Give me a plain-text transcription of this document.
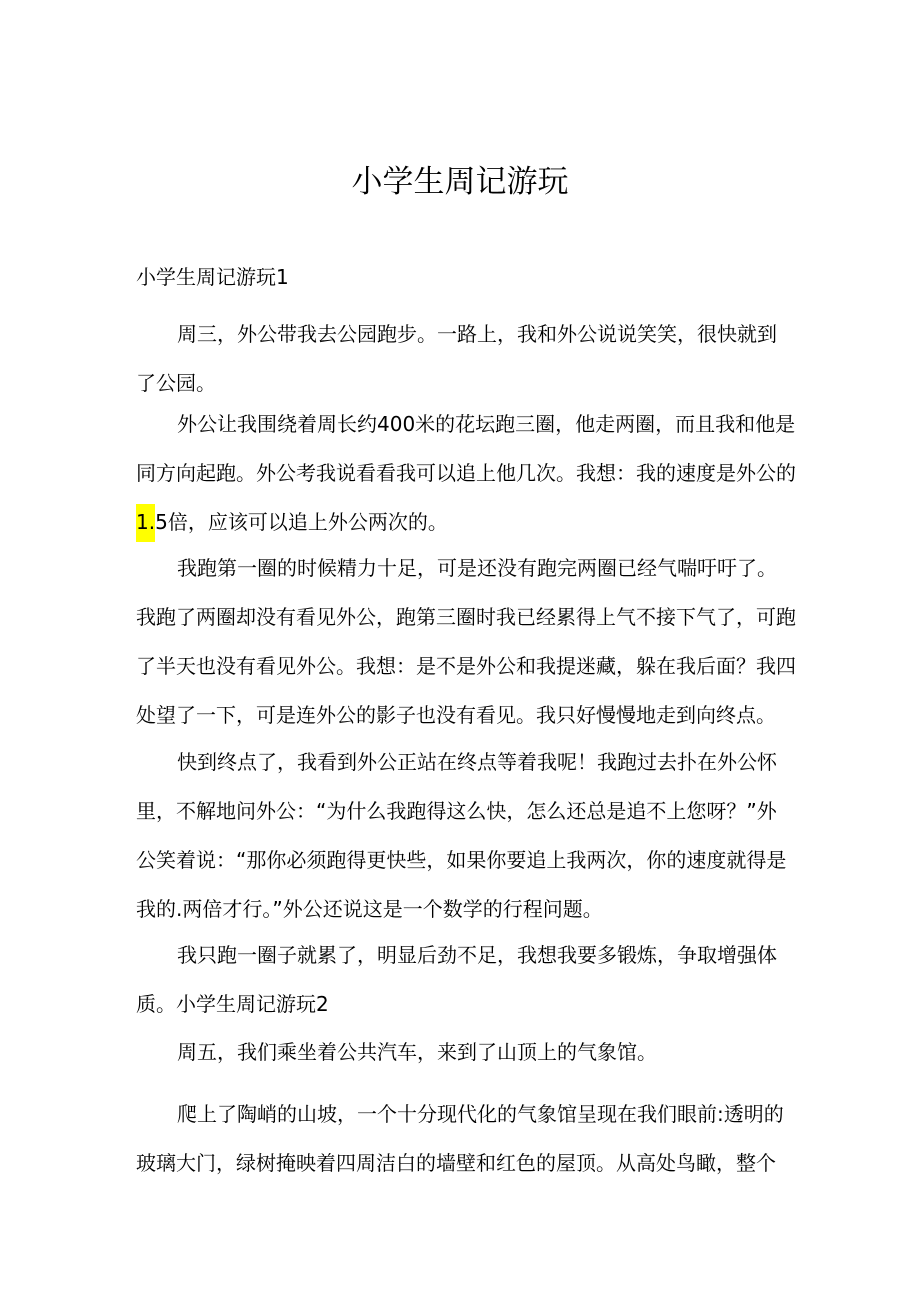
小学生周记游玩
小学生周记游玩1
周三，外公带我去公园跑步。一路上，我和外公说说笑笑，很快就到
了公园。
外公让我围绕着周长约400米的花坛跑三圈，他走两圈，而且我和他是
同方向起跑。外公考我说看看我可以追上他几次。我想：我的速度是外公的
1.5倍，应该可以追上外公两次的。
我跑第一圈的时候精力十足，可是还没有跑完两圈已经气喘吁吁了。
我跑了两圈却没有看见外公，跑第三圈时我已经累得上气不接下气了，可跑
了半天也没有看见外公。我想：是不是外公和我提迷藏，躲在我后面？我四
处望了一下，可是连外公的影子也没有看见。我只好慢慢地走到向终点。
快到终点了，我看到外公正站在终点等着我呢！我跑过去扑在外公怀
里，不解地问外公：“为什么我跑得这么快，怎么还总是追不上您呀？”外
公笑着说：“那你必须跑得更快些，如果你要追上我两次，你的速度就得是
我的.两倍才行。”外公还说这是一个数学的行程问题。
我只跑一圈子就累了，明显后劲不足，我想我要多锻炼，争取增强体
质。小学生周记游玩2
周五，我们乘坐着公共汽车，来到了山顶上的气象馆。
爬上了陶峭的山坡，一个十分现代化的气象馆呈现在我们眼前:透明的
玻璃大门，绿树掩映着四周洁白的墙壁和红色的屋顶。从高处鸟瞰，整个
